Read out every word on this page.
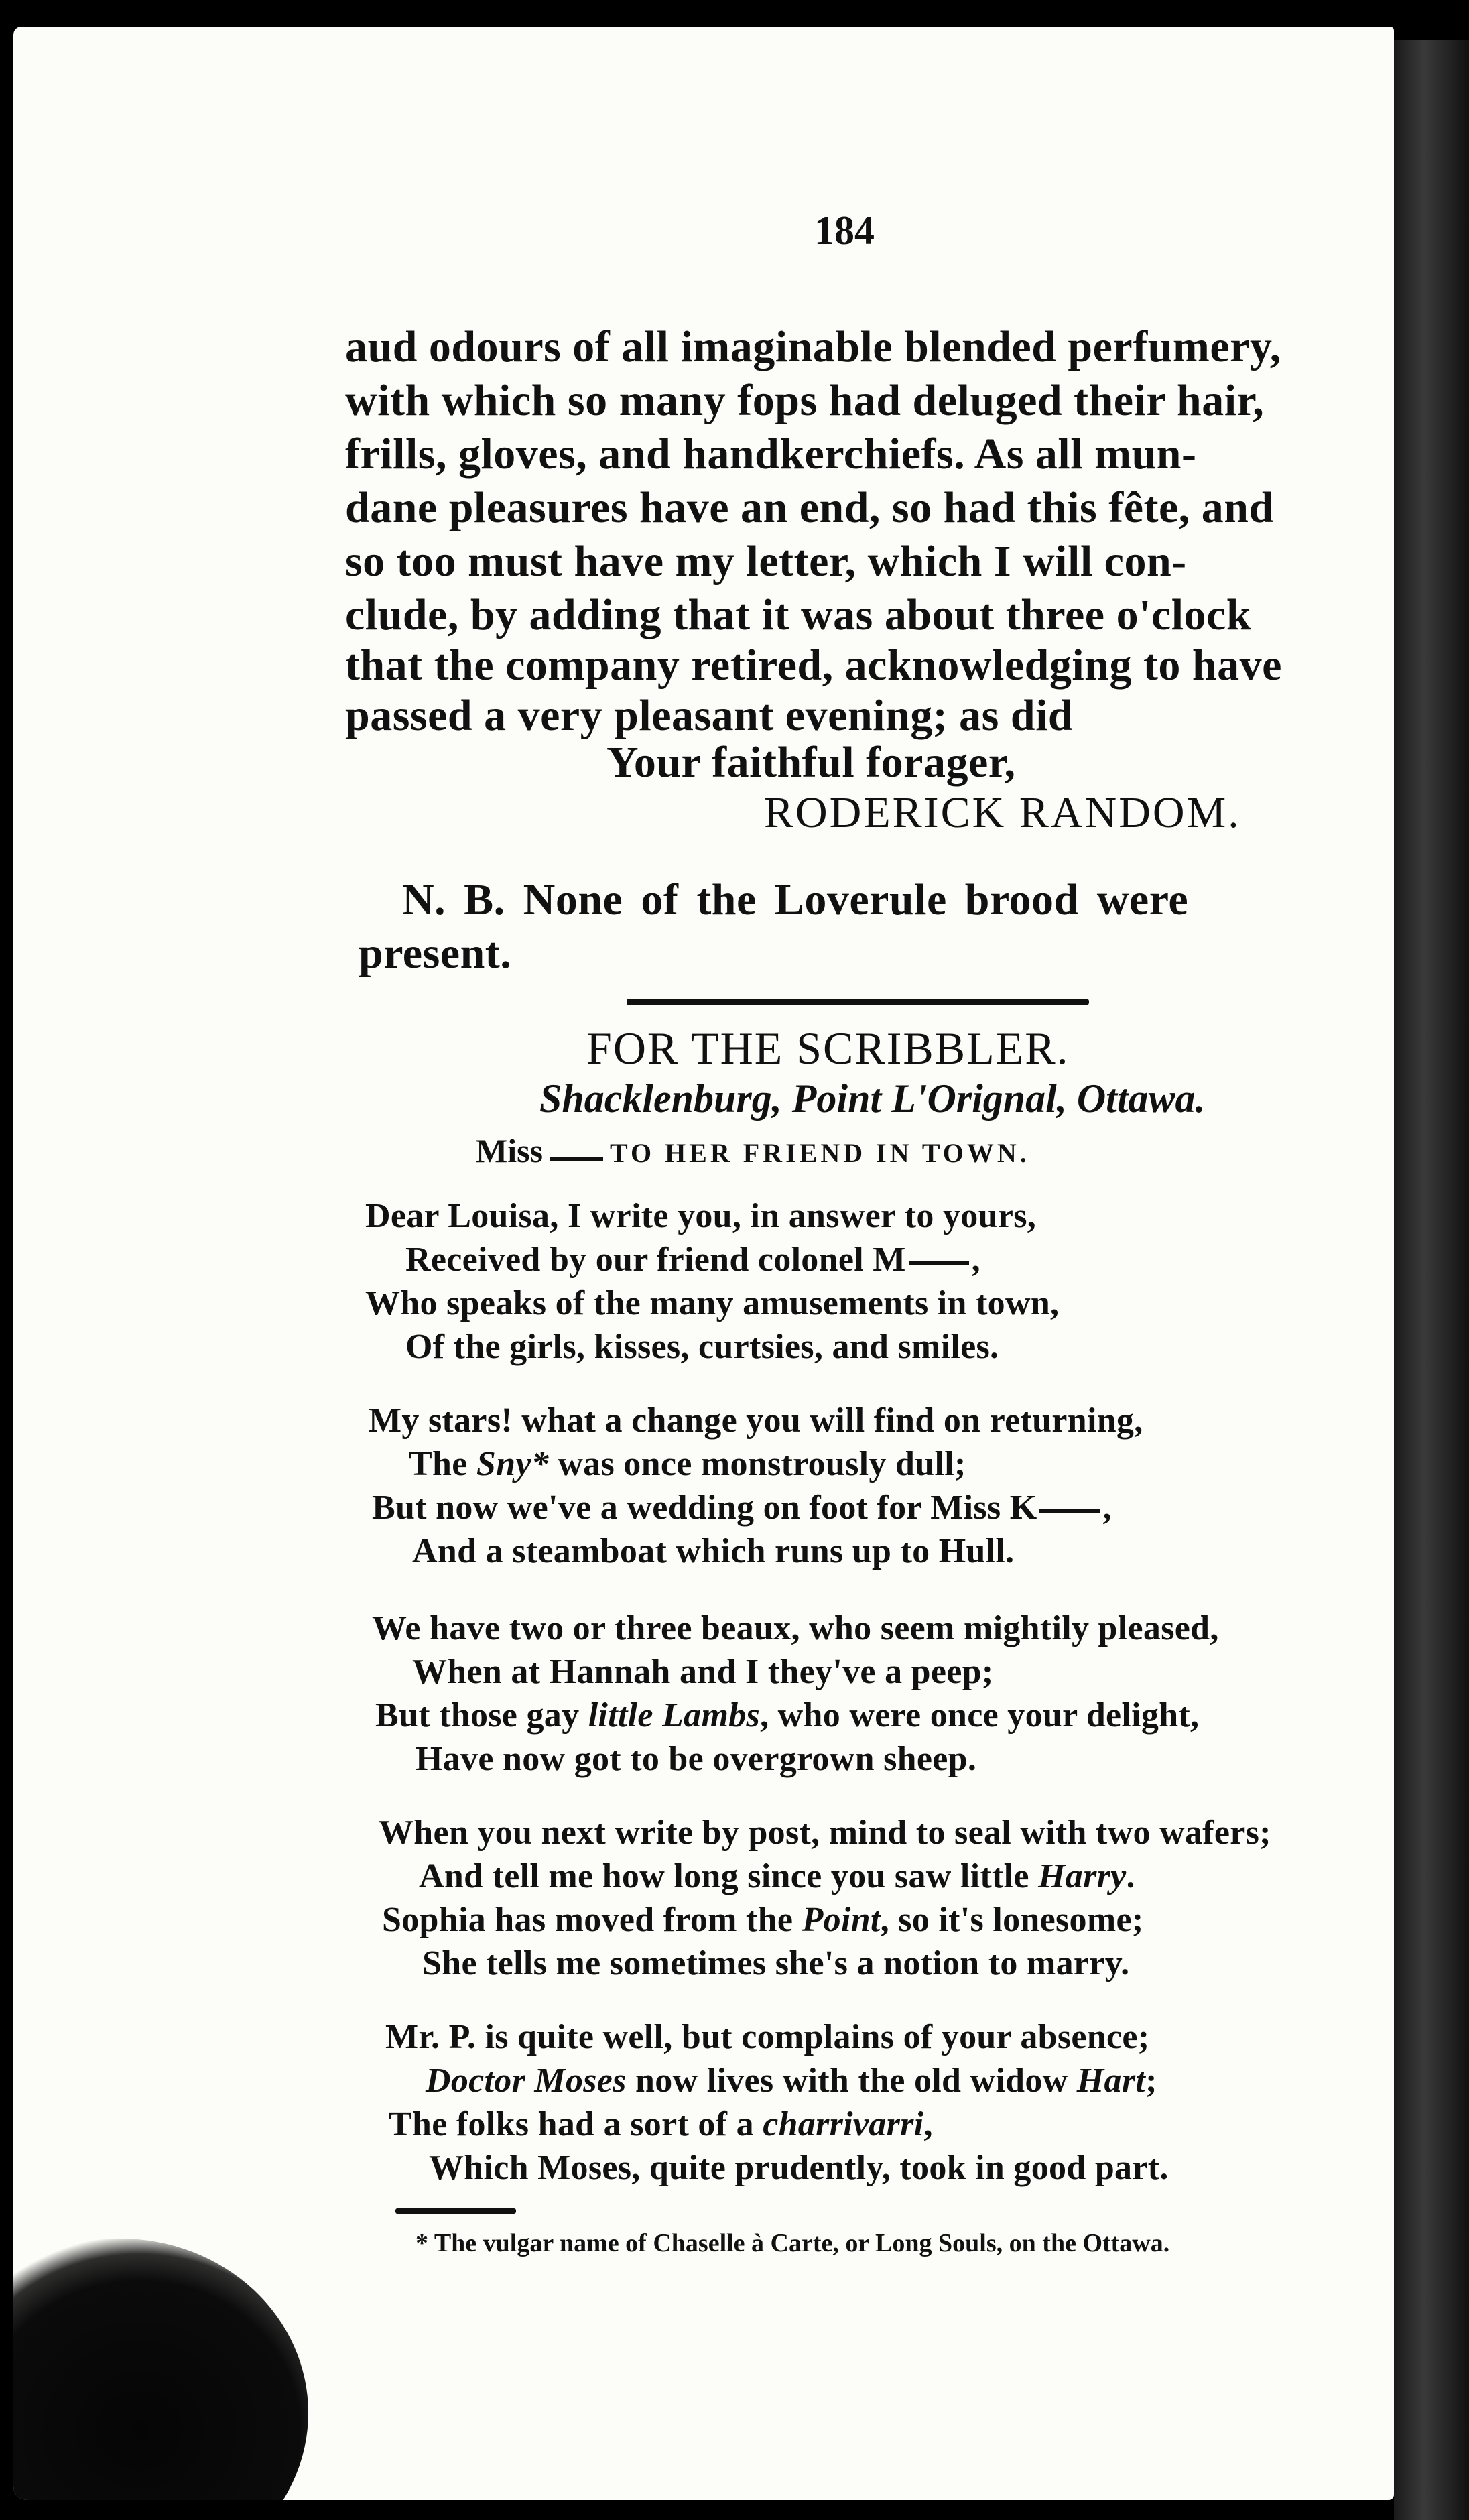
184
aud odours of all imaginable blended perfumery,
with which so many fops had deluged their hair,
frills, gloves, and handkerchiefs. As all mun-
dane pleasures have an end, so had this fête, and
so too must have my letter, which I will con-
clude, by adding that it was about three o'clock
that the company retired, acknowledging to have
passed a very pleasant evening; as did
Your faithful forager,
RODERICK RANDOM.
N. B. None of the Loverule brood were
present.
FOR THE SCRIBBLER.
Shacklenburg, Point L'Orignal, Ottawa.
Miss	TO HER FRIEND IN TOWN.
Dear Louisa, I write you, in answer to yours,
Received by our friend colonel M ,
Who speaks of the many amusements in town,
Of the girls, kisses, curtsies, and smiles.
My stars! what a change you will find on returning,
The Sny* was once monstrously dull;
But now we've a wedding on foot for Miss K ,
And a steamboat which runs up to Hull.
We have two or three beaux, who seem mightily pleased,
When at Hannah and I they've a peep;
But those gay little Lambs, who were once your delight,
Have now got to be overgrown sheep.
When you next write by post, mind to seal with two wafers;
And tell me how long since you saw little Harry.
Sophia has moved from the Point, so it's lonesome;
She tells me sometimes she's a notion to marry.
Mr. P. is quite well, but complains of your absence;
Doctor Moses now lives with the old widow Hart;
The folks had a sort of a charrivarri,
Which Moses, quite prudently, took in good part.
* The vulgar name of Chaselle à Carte, or Long Souls, on the Ottawa.
